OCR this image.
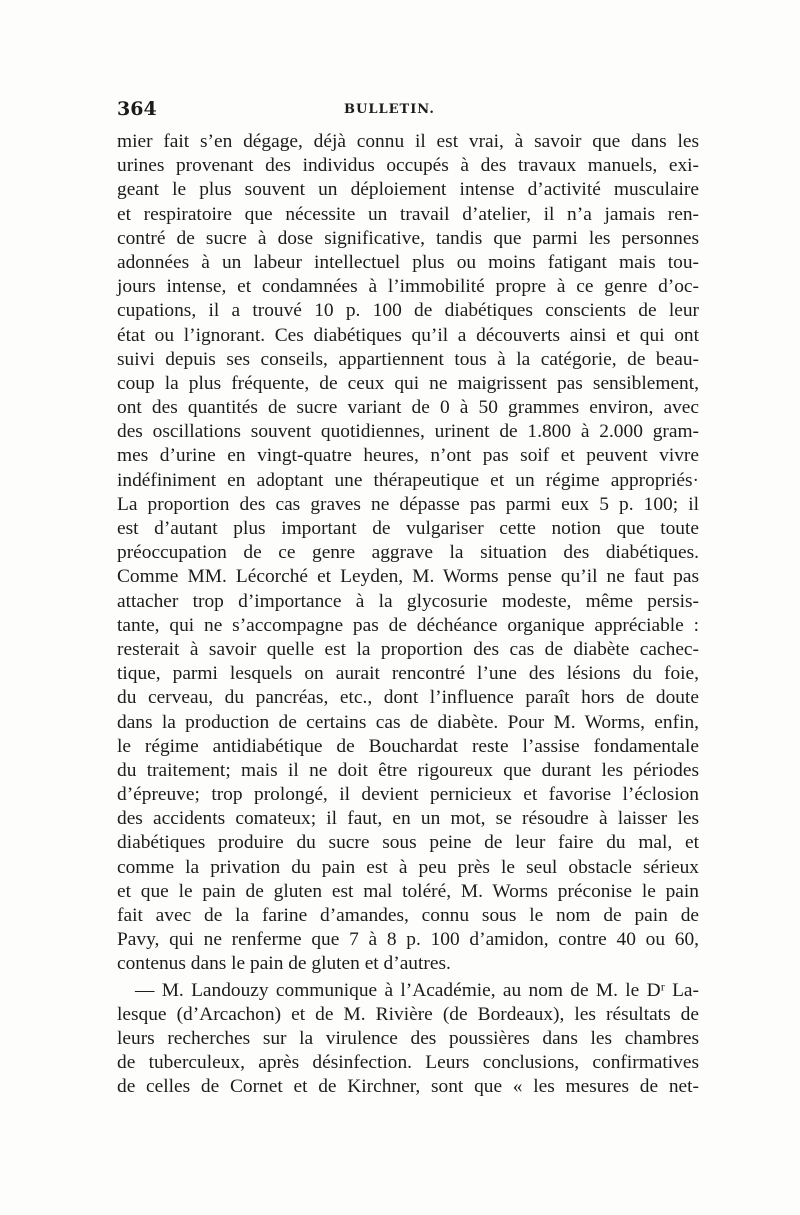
364	BULLETIN.
mier fait s’en dégage, déjà connu il est vrai, à savoir que dans les
urines provenant des individus occupés à des travaux manuels, exi-
geant le plus souvent un déploiement intense d’activité musculaire
et respiratoire que nécessite un travail d’atelier, il n’a jamais ren-
contré de sucre à dose significative, tandis que parmi les personnes
adonnées à un labeur intellectuel plus ou moins fatigant mais tou-
jours intense, et condamnées à l’immobilité propre à ce genre d’oc-
cupations, il a trouvé 10 p. 100 de diabétiques conscients de leur
état ou l’ignorant. Ces diabétiques qu’il a découverts ainsi et qui ont
suivi depuis ses conseils, appartiennent tous à la catégorie, de beau-
coup la plus fréquente, de ceux qui ne maigrissent pas sensiblement,
ont des quantités de sucre variant de 0 à 50 grammes environ, avec
des oscillations souvent quotidiennes, urinent de 1.800 à 2.000 gram-
mes d’urine en vingt-quatre heures, n’ont pas soif et peuvent vivre
indéfiniment en adoptant une thérapeutique et un régime appropriés·
La proportion des cas graves ne dépasse pas parmi eux 5 p. 100; il
est d’autant plus important de vulgariser cette notion que toute
préoccupation de ce genre aggrave la situation des diabétiques.
Comme MM. Lécorché et Leyden, M. Worms pense qu’il ne faut pas
attacher trop d’importance à la glycosurie modeste, même persis-
tante, qui ne s’accompagne pas de déchéance organique appréciable :
resterait à savoir quelle est la proportion des cas de diabète cachec-
tique, parmi lesquels on aurait rencontré l’une des lésions du foie,
du cerveau, du pancréas, etc., dont l’influence paraît hors de doute
dans la production de certains cas de diabète. Pour M. Worms, enfin,
le régime antidiabétique de Bouchardat reste l’assise fondamentale
du traitement; mais il ne doit être rigoureux que durant les périodes
d’épreuve; trop prolongé, il devient pernicieux et favorise l’éclosion
des accidents comateux; il faut, en un mot, se résoudre à laisser les
diabétiques produire du sucre sous peine de leur faire du mal, et
comme la privation du pain est à peu près le seul obstacle sérieux
et que le pain de gluten est mal toléré, M. Worms préconise le pain
fait avec de la farine d’amandes, connu sous le nom de pain de
Pavy, qui ne renferme que 7 à 8 p. 100 d’amidon, contre 40 ou 60,
contenus dans le pain de gluten et d’autres.
— M. Landouzy communique à l’Académie, au nom de M. le Dʳ La-
lesque (d’Arcachon) et de M. Rivière (de Bordeaux), les résultats de
leurs recherches sur la virulence des poussières dans les chambres
de tuberculeux, après désinfection. Leurs conclusions, confirmatives
de celles de Cornet et de Kirchner, sont que « les mesures de net-
